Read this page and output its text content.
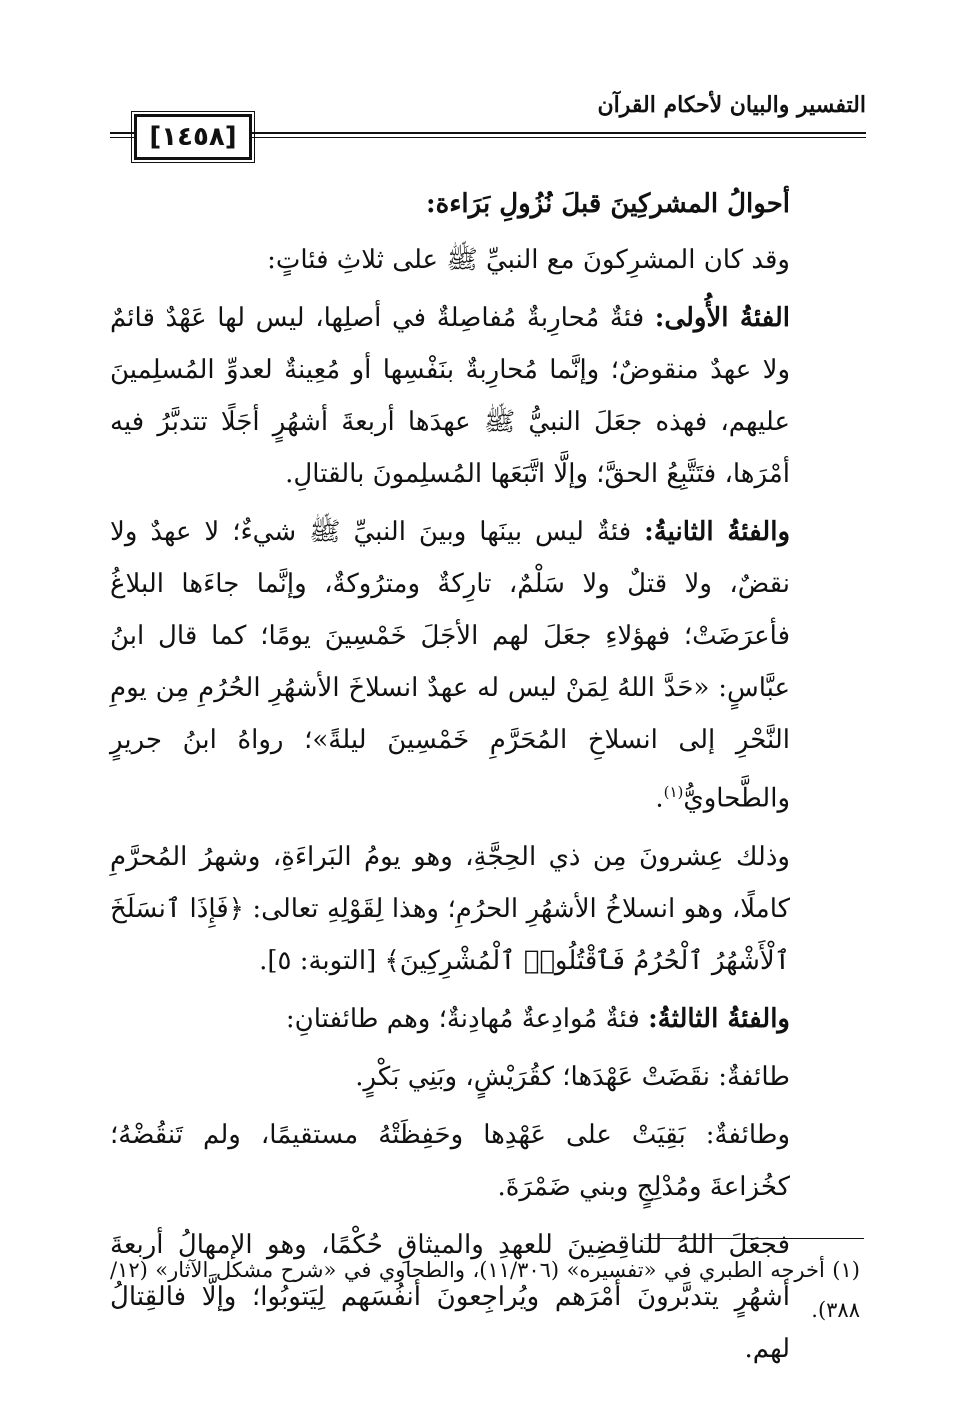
التفسير والبيان لأحكام القرآن
[١٤٥٨]

أحوالُ المشركِينَ قبلَ نُزُولِ بَرَاءة:

وقد كان المشرِكونَ مع النبيِّ ﷺ على ثلاثِ فئاتٍ:

الفئةُ الأُولى: فئةٌ مُحارِبةٌ مُفاصِلةٌ في أصلِها، ليس لها عَهْدٌ قائمٌ ولا عهدٌ منقوضٌ؛ وإنَّما مُحارِبةٌ بنَفْسِها أو مُعِينةٌ لعدوِّ المُسلِمينَ عليهم، فهذه جعَلَ النبيُّ ﷺ عهدَها أربعةَ أشهُرٍ أجَلًا تتدبَّرُ فيه أمْرَها، فتَتَّبِعُ الحقَّ؛ وإلَّا اتَّبَعَها المُسلِمونَ بالقتالِ.

والفئةُ الثانيةُ: فئةٌ ليس بينَها وبينَ النبيِّ ﷺ شيءٌ؛ لا عهدٌ ولا نقضٌ، ولا قتلٌ ولا سَلْمٌ، تارِكةٌ ومترُوكةٌ، وإنَّما جاءَها البلاغُ فأعرَضَتْ؛ فهؤلاءِ جعَلَ لهم الأجَلَ خَمْسِينَ يومًا؛ كما قال ابنُ عبَّاسٍ: «حَدَّ اللهُ لِمَنْ ليس له عهدٌ انسلاخَ الأشهُرِ الحُرُمِ مِن يومِ النَّحْرِ إلى انسلاخِ المُحَرَّمِ خَمْسِينَ ليلةً»؛ رواهُ ابنُ جريرٍ والطَّحاويُّ$^{(١)}$.

وذلك عِشرونَ مِن ذي الحِجَّةِ، وهو يومُ البَراءَةِ، وشهرُ المُحرَّمِ كاملًا، وهو انسلاخُ الأشهُرِ الحرُمِ؛ وهذا لِقَوْلِهِ تعالى: ﴿فَإِذَا ٱنسَلَخَ ٱلْأَشْهُرُ ٱلْحُرُمُ فَٱقْتُلُوا۟ ٱلْمُشْرِكِينَ﴾ [التوبة: ٥].

والفئةُ الثالثةُ: فئةٌ مُوادِعةٌ مُهادِنةٌ؛ وهم طائفتانِ:

طائفةٌ: نقَضَتْ عَهْدَها؛ كقُرَيْشٍ، وبَنِي بَكْرٍ.

وطائفةٌ: بَقِيَتْ على عَهْدِها وحَفِظَتْهُ مستقيمًا، ولم تَنقُضْهُ؛ كخُزاعةَ ومُدْلِجٍ وبني ضَمْرَةَ.

فجعَلَ اللهُ للناقِضِينَ للعهدِ والميثاقِ حُكْمًا، وهو الإمهالُ أربعةَ أشهُرٍ يتدبَّرونَ أمْرَهم ويُراجِعونَ أنفُسَهم لِيَتوبُوا؛ وإلَّا فالقِتالُ لهم.

(١) أخرجه الطبري في «تفسيره» (١١/٣٠٦)، والطحاوي في «شرح مشكل الآثار» (١٢/ ٣٨٨).
